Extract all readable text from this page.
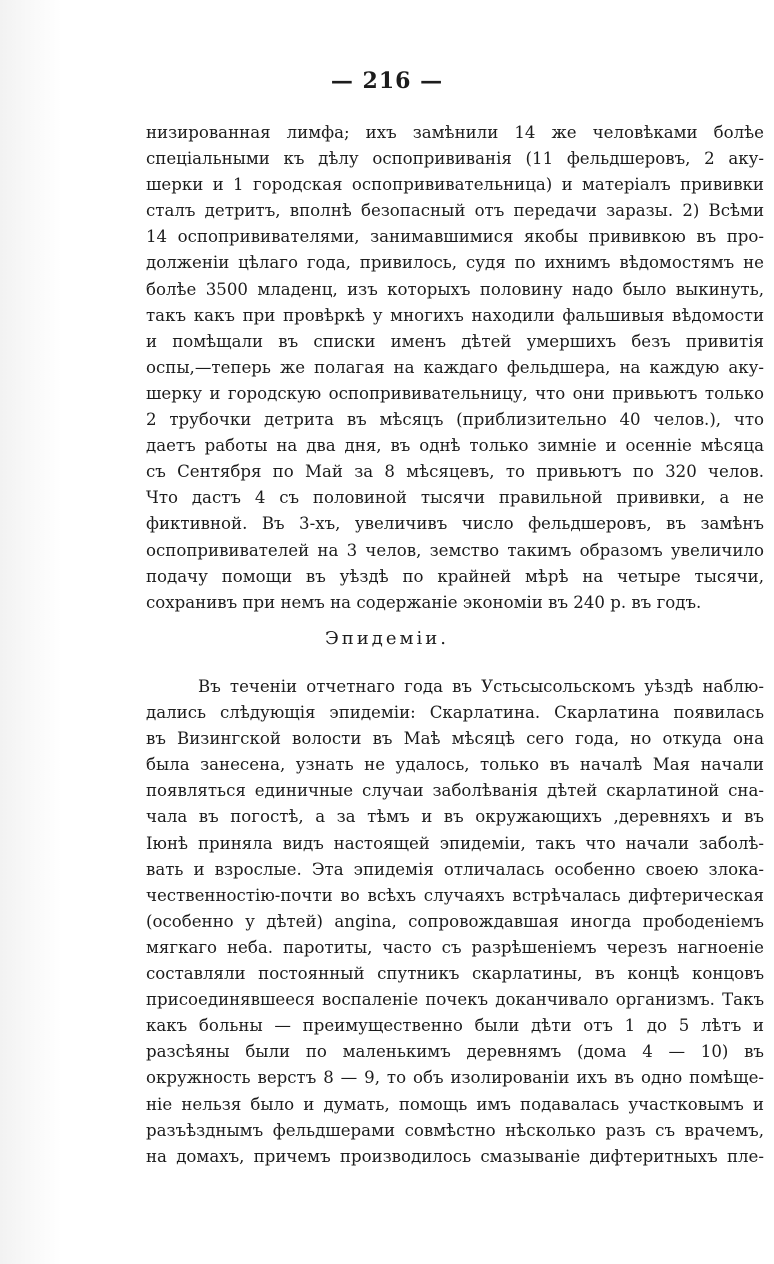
— 216 —
низированная лимфа; ихъ замѣнили 14 же человѣками болѣе
спеціальными къ дѣлу оспопрививанія (11 фельдшеровъ, 2 аку-
шерки и 1 городская оспопрививательница) и матеріалъ прививки
сталъ детритъ, вполнѣ безопасный отъ передачи заразы. 2) Всѣми
14 оспопрививателями, занимавшимися якобы прививкою въ про-
долженіи цѣлаго года, привилось, судя по ихнимъ вѣдомостямъ не
болѣе 3500 младенц, изъ которыхъ половину надо было выкинуть,
такъ какъ при провѣркѣ у многихъ находили фальшивыя вѣдомости
и помѣщали въ списки именъ дѣтей умершихъ безъ привитія
оспы,—теперь же полагая на каждаго фельдшера, на каждую аку-
шерку и городскую оспопрививательницу, что они привьютъ только
2 трубочки детрита въ мѣсяцъ (приблизительно 40 челов.), что
даетъ работы на два дня, въ однѣ только зимніе и осенніе мѣсяца
съ Сентября по Май за 8 мѣсяцевъ, то привьютъ по 320 челов.
Что дастъ 4 съ половиной тысячи правильной прививки, а не
фиктивной. Въ 3-хъ, увеличивъ число фельдшеровъ, въ замѣнъ
оспопрививателей на 3 челов, земство такимъ образомъ увеличило
подачу помощи въ уѣздѣ по крайней мѣрѣ на четыре тысячи,
сохранивъ при немъ на содержаніе экономіи въ 240 р. въ годъ.
Эпидеміи.
Въ теченіи отчетнаго года въ Устьсысольскомъ уѣздѣ наблю-
дались слѣдующія эпидеміи: Скарлатина. Скарлатина появилась
въ Визингской волости въ Маѣ мѣсяцѣ сего года, но откуда она
была занесена, узнать не удалось, только въ началѣ Мая начали
появляться единичные случаи заболѣванія дѣтей скарлатиной сна-
чала въ погостѣ, а за тѣмъ и въ окружающихъ ,деревняхъ и въ
Іюнѣ приняла видъ настоящей эпидеміи, такъ что начали заболѣ-
вать и взрослые. Эта эпидемія отличалась особенно своею злока-
чественностію-почти во всѣхъ случаяхъ встрѣчалась дифтерическая
(особенно у дѣтей) angina, сопровождавшая иногда прободеніемъ
мягкаго неба. паротиты, часто съ разрѣшеніемъ черезъ нагноеніе
составляли постоянный спутникъ скарлатины, въ концѣ концовъ
присоединявшееся воспаленіе почекъ доканчивало организмъ. Такъ
какъ больны — преимущественно были дѣти отъ 1 до 5 лѣтъ и
разсѣяны были по маленькимъ деревнямъ (дома 4 — 10) въ
окружность верстъ 8 — 9, то объ изолированіи ихъ въ одно помѣще-
ніе нельзя было и думать, помощь имъ подавалась участковымъ и
разъѣзднымъ фельдшерами совмѣстно нѣсколько разъ съ врачемъ,
на домахъ, причемъ производилось смазываніе дифтеритныхъ пле-
